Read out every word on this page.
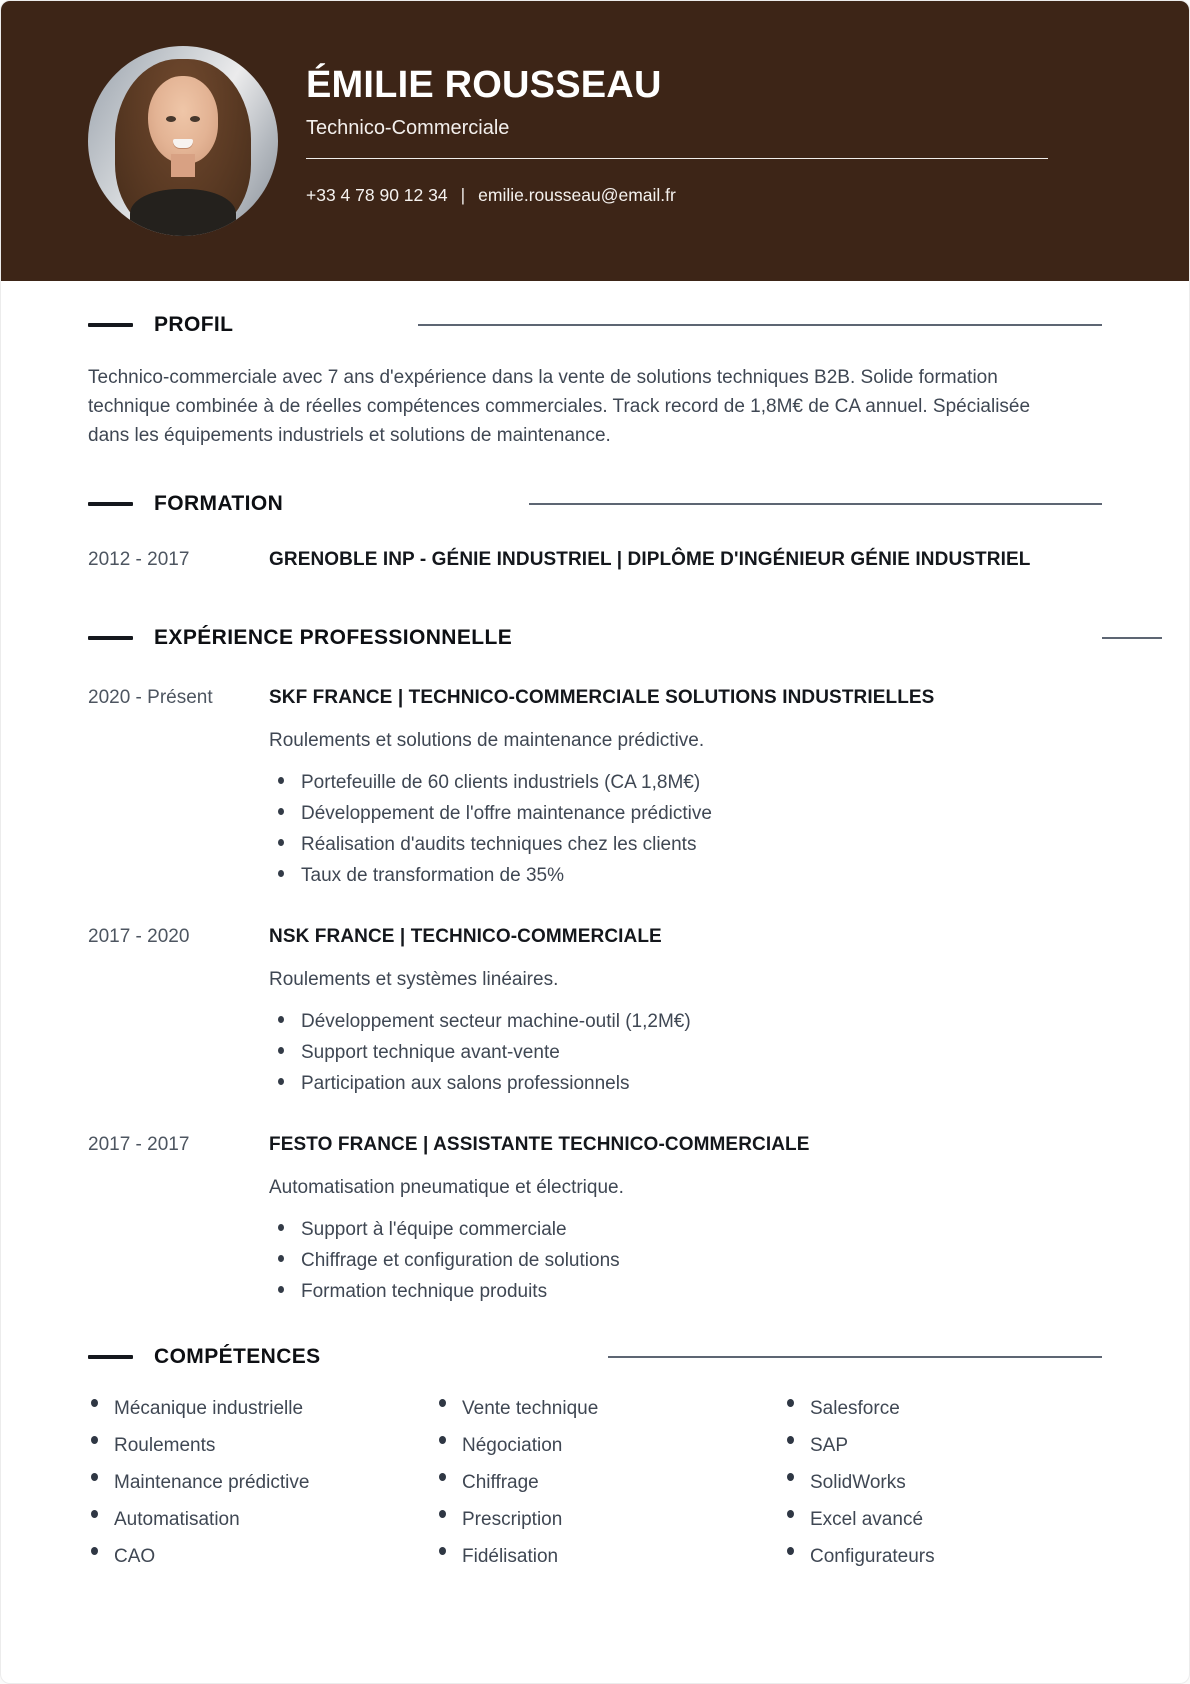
ÉMILIE ROUSSEAU
Technico-Commerciale
+33 4 78 90 12 34 | emilie.rousseau@email.fr
PROFIL

Technico-commerciale avec 7 ans d'expérience dans la vente de solutions techniques B2B. Solide formation technique combinée à de réelles compétences commerciales. Track record de 1,8M€ de CA annuel. Spécialisée dans les équipements industriels et solutions de maintenance.

FORMATION
2012 - 2017	GRENOBLE INP - GÉNIE INDUSTRIEL | DIPLÔME D'INGÉNIEUR GÉNIE INDUSTRIEL
EXPÉRIENCE PROFESSIONNELLE
2020 - Présent	SKF FRANCE | TECHNICO-COMMERCIALE SOLUTIONS INDUSTRIELLES
Roulements et solutions de maintenance prédictive.
Portefeuille de 60 clients industriels (CA 1,8M€)
Développement de l'offre maintenance prédictive
Réalisation d'audits techniques chez les clients
Taux de transformation de 35%
2017 - 2020	NSK FRANCE | TECHNICO-COMMERCIALE
Roulements et systèmes linéaires.
Développement secteur machine-outil (1,2M€)
Support technique avant-vente
Participation aux salons professionnels
2017 - 2017	FESTO FRANCE | ASSISTANTE TECHNICO-COMMERCIALE
Automatisation pneumatique et électrique.
Support à l'équipe commerciale
Chiffrage et configuration de solutions
Formation technique produits
COMPÉTENCES
Mécanique industrielle	Vente technique	Salesforce
Roulements	Négociation	SAP
Maintenance prédictive	Chiffrage	SolidWorks
Automatisation	Prescription	Excel avancé
CAO	Fidélisation	Configurateurs
